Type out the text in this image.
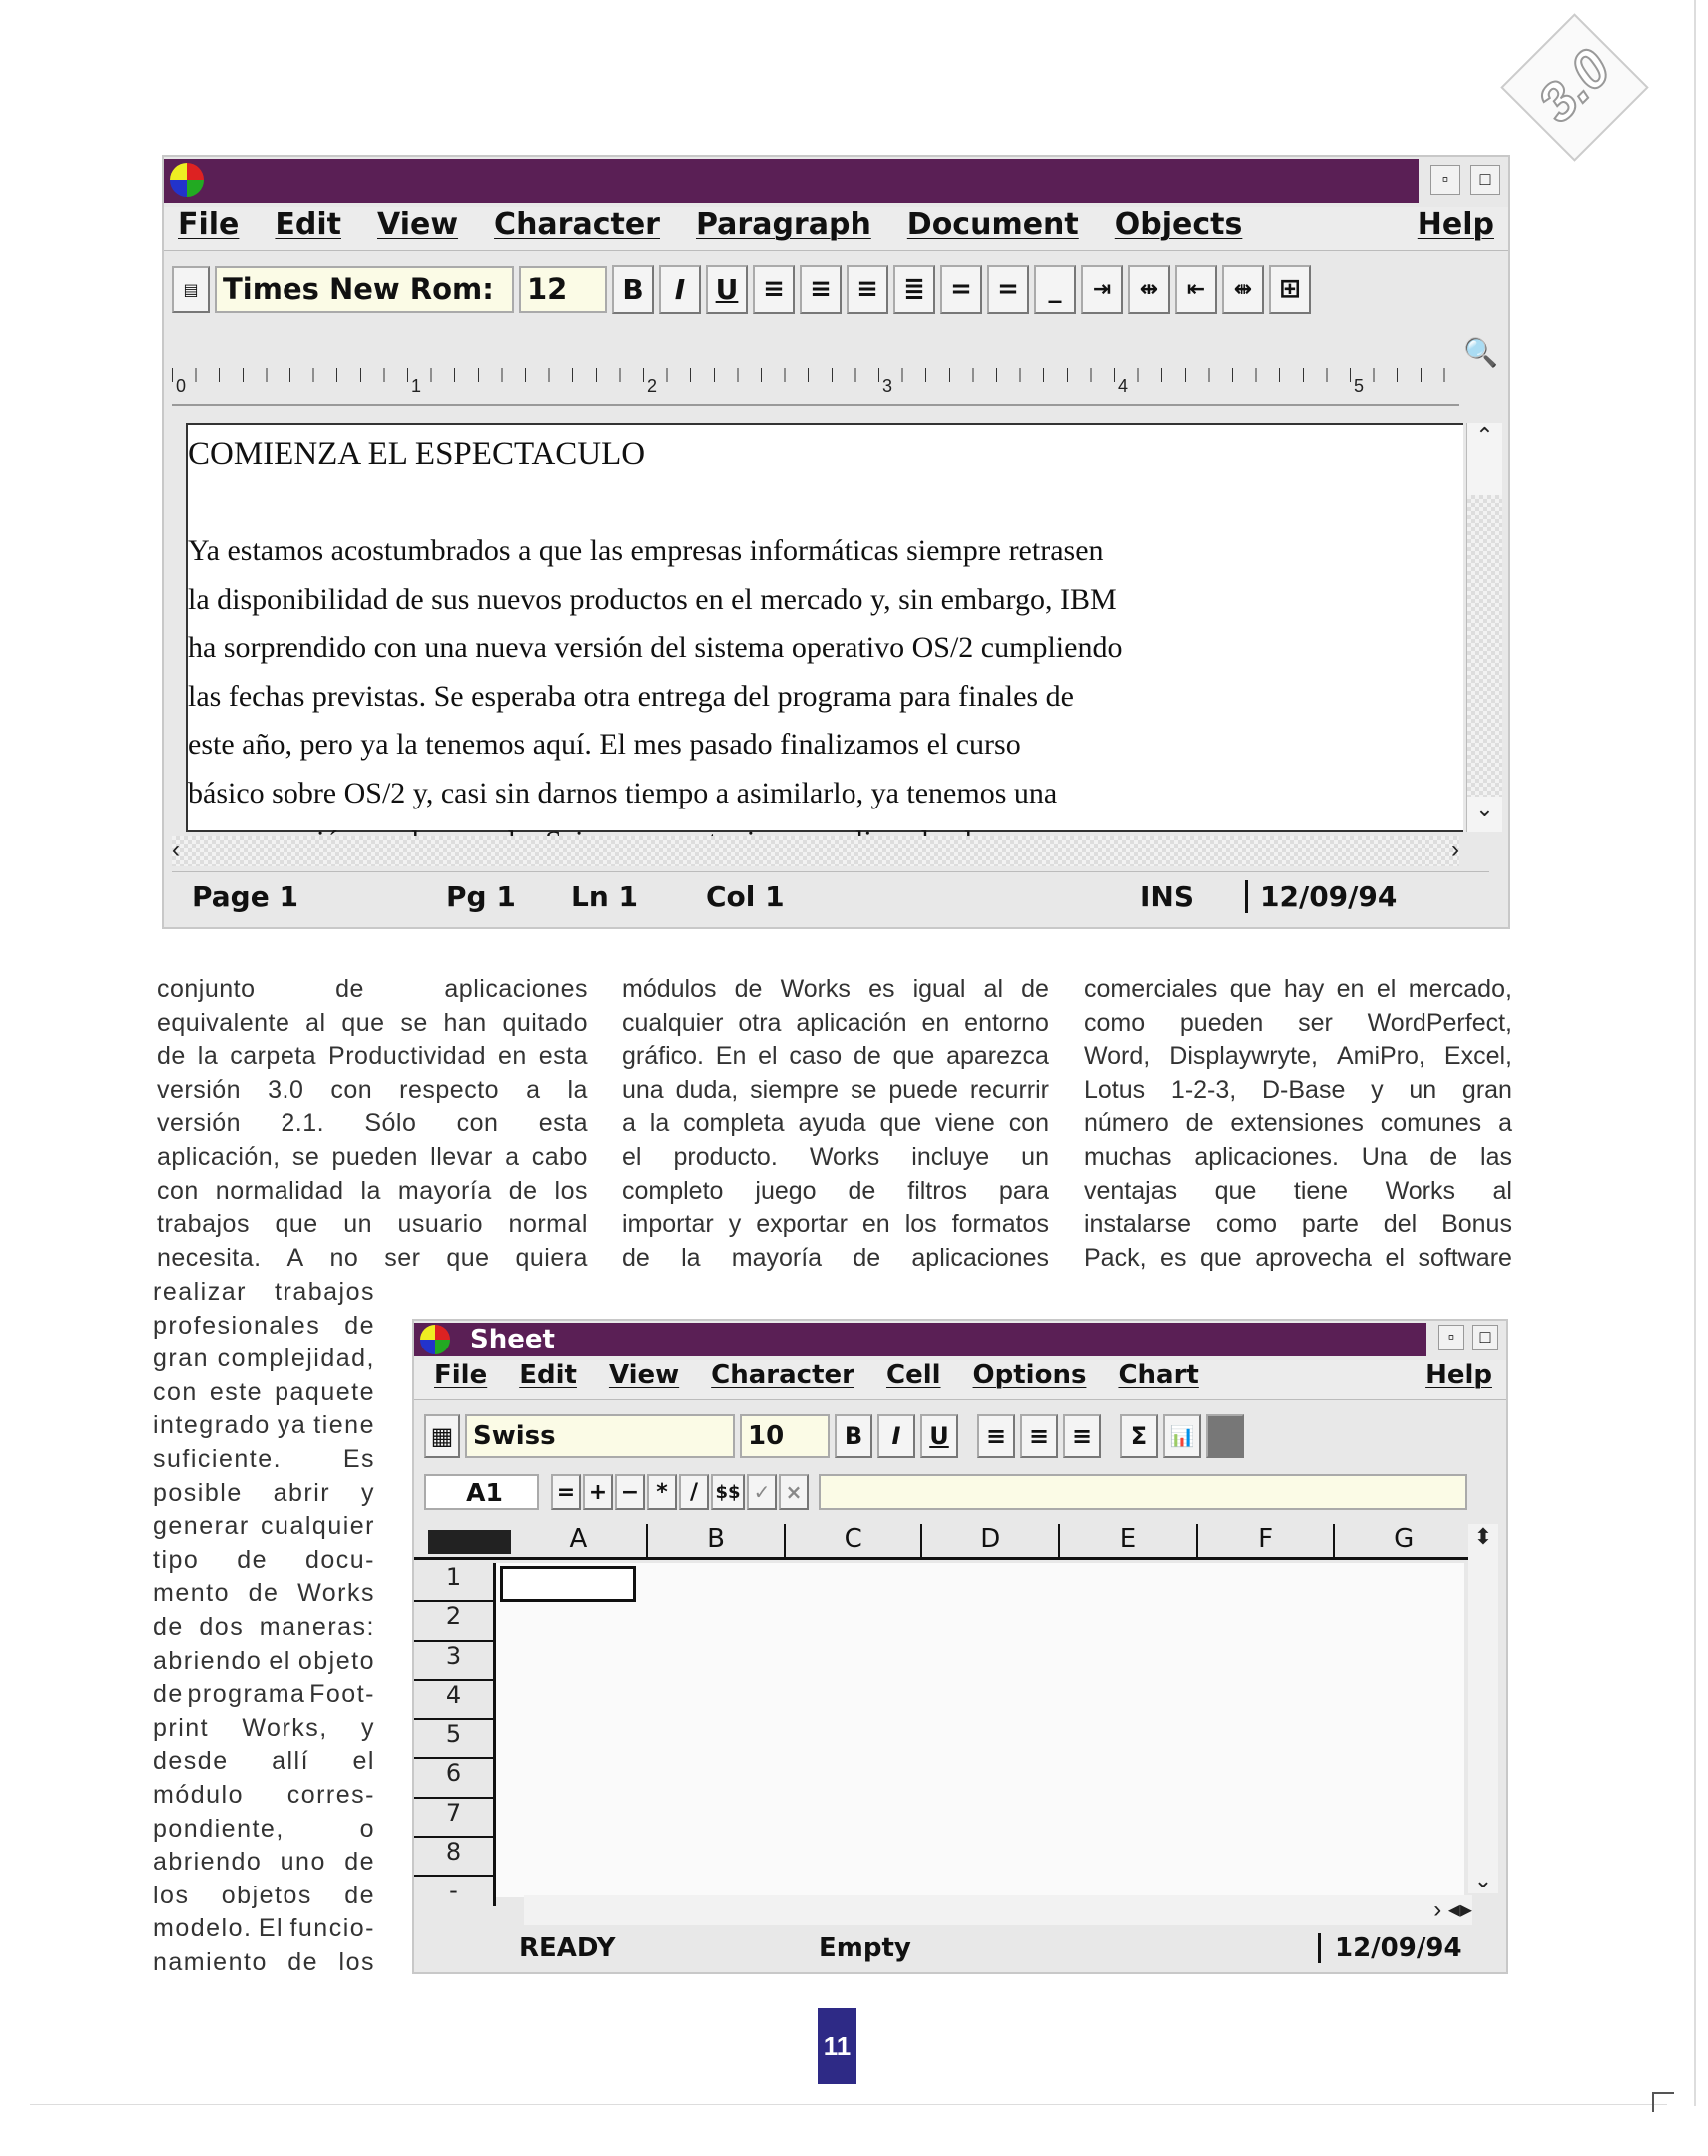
3.0
▫	□
File Edit View Character Paragraph Document Objects	Help
▤ Times New Rom:	12	B	I	U ≡ ≡ ≡ ≣ = =	_	⇥	⇹	⇤	⇼	⊞
0	1	2	3	4	5
🔍
COMIENZA EL ESPECTACULO
Ya estamos acostumbrados a que las empresas informáticas siempre retrasen
la disponibilidad de sus nuevos productos en el mercado y, sin embargo, IBM
ha sorprendido con una nueva versión del sistema operativo OS/2 cumpliendo
las fechas previstas. Se esperaba otra entrega del programa para finales de
este año, pero ya la tenemos aquí. El mes pasado finalizamos el curso
básico sobre OS/2 y, casi sin darnos tiempo a asimilarlo, ya tenemos una
⌃
⌄
‹	›
Page 1	Pg 1 Ln 1 Col 1	INS	12/09/94
conjunto	de	aplicaciones
equivalente al que se han quitado
de la carpeta Productividad en esta
versión 3.0 con respecto a la
versión 2.1. Sólo con esta
aplicación, se pueden llevar a cabo
con normalidad la mayoría de los
trabajos que un usuario normal
necesita. A no ser que quiera
realizar trabajos
profesionales de
gran complejidad,
con este paquete
integrado ya tiene
suficiente. Es
posible abrir y
generar cualquier
tipo de docu-
mento de Works
de dos maneras:
abriendo el objeto
de programa Foot-
print Works, y
desde allí el
módulo corres-
pondiente,	o
abriendo uno de
los objetos de
modelo. El funcio-
namiento de los
módulos de Works es igual al de
cualquier otra aplicación en entorno
gráfico. En el caso de que aparezca
una duda, siempre se puede recurrir
a la completa ayuda que viene con
el producto. Works incluye un
completo juego de filtros para
importar y exportar en los formatos
de la mayoría de aplicaciones
comerciales que hay en el mercado,
como pueden ser WordPerfect,
Word, Displaywryte, AmiPro, Excel,
Lotus 1-2-3, D-Base y un gran
número de extensiones comunes a
muchas aplicaciones. Una de las
ventajas que tiene Works al
instalarse como parte del Bonus
Pack, es que aprovecha el software
Sheet	▫	□
File Edit View Character Cell Options Chart	Help
▦ Swiss	10	B	I	U	≡ ≡ ≡	Σ	📊
A1	= + − *	/ $$ ✓ ×
A	B	C	D	E	F	G
1
2
3
4
5
6
7
8
-
⬍
⌄
› ◂▸
READY	Empty	12/09/94
11
